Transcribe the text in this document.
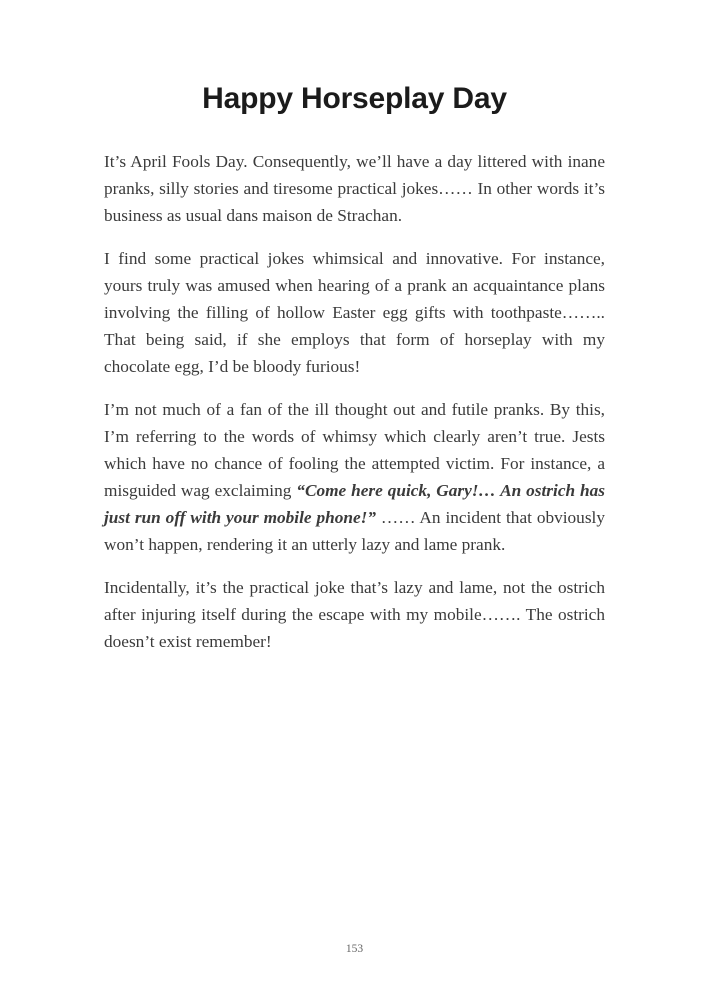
Happy Horseplay Day

It’s April Fools Day. Consequently, we’ll have a day littered with inane pranks, silly stories and tiresome practical jokes…… In other words it’s business as usual dans maison de Strachan.

I find some practical jokes whimsical and innovative. For instance, yours truly was amused when hearing of a prank an acquaintance plans involving the filling of hollow Easter egg gifts with toothpaste…….. That being said, if she employs that form of horseplay with my chocolate egg, I’d be bloody furious!

I’m not much of a fan of the ill thought out and futile pranks. By this, I’m referring to the words of whimsy which clearly aren’t true. Jests which have no chance of fooling the attempted victim. For instance, a misguided wag exclaiming “Come here quick, Gary!… An ostrich has just run off with your mobile phone!” …… An incident that obviously won’t happen, rendering it an utterly lazy and lame prank.

Incidentally, it’s the practical joke that’s lazy and lame, not the ostrich after injuring itself during the escape with my mobile……. The ostrich doesn’t exist remember!

153
